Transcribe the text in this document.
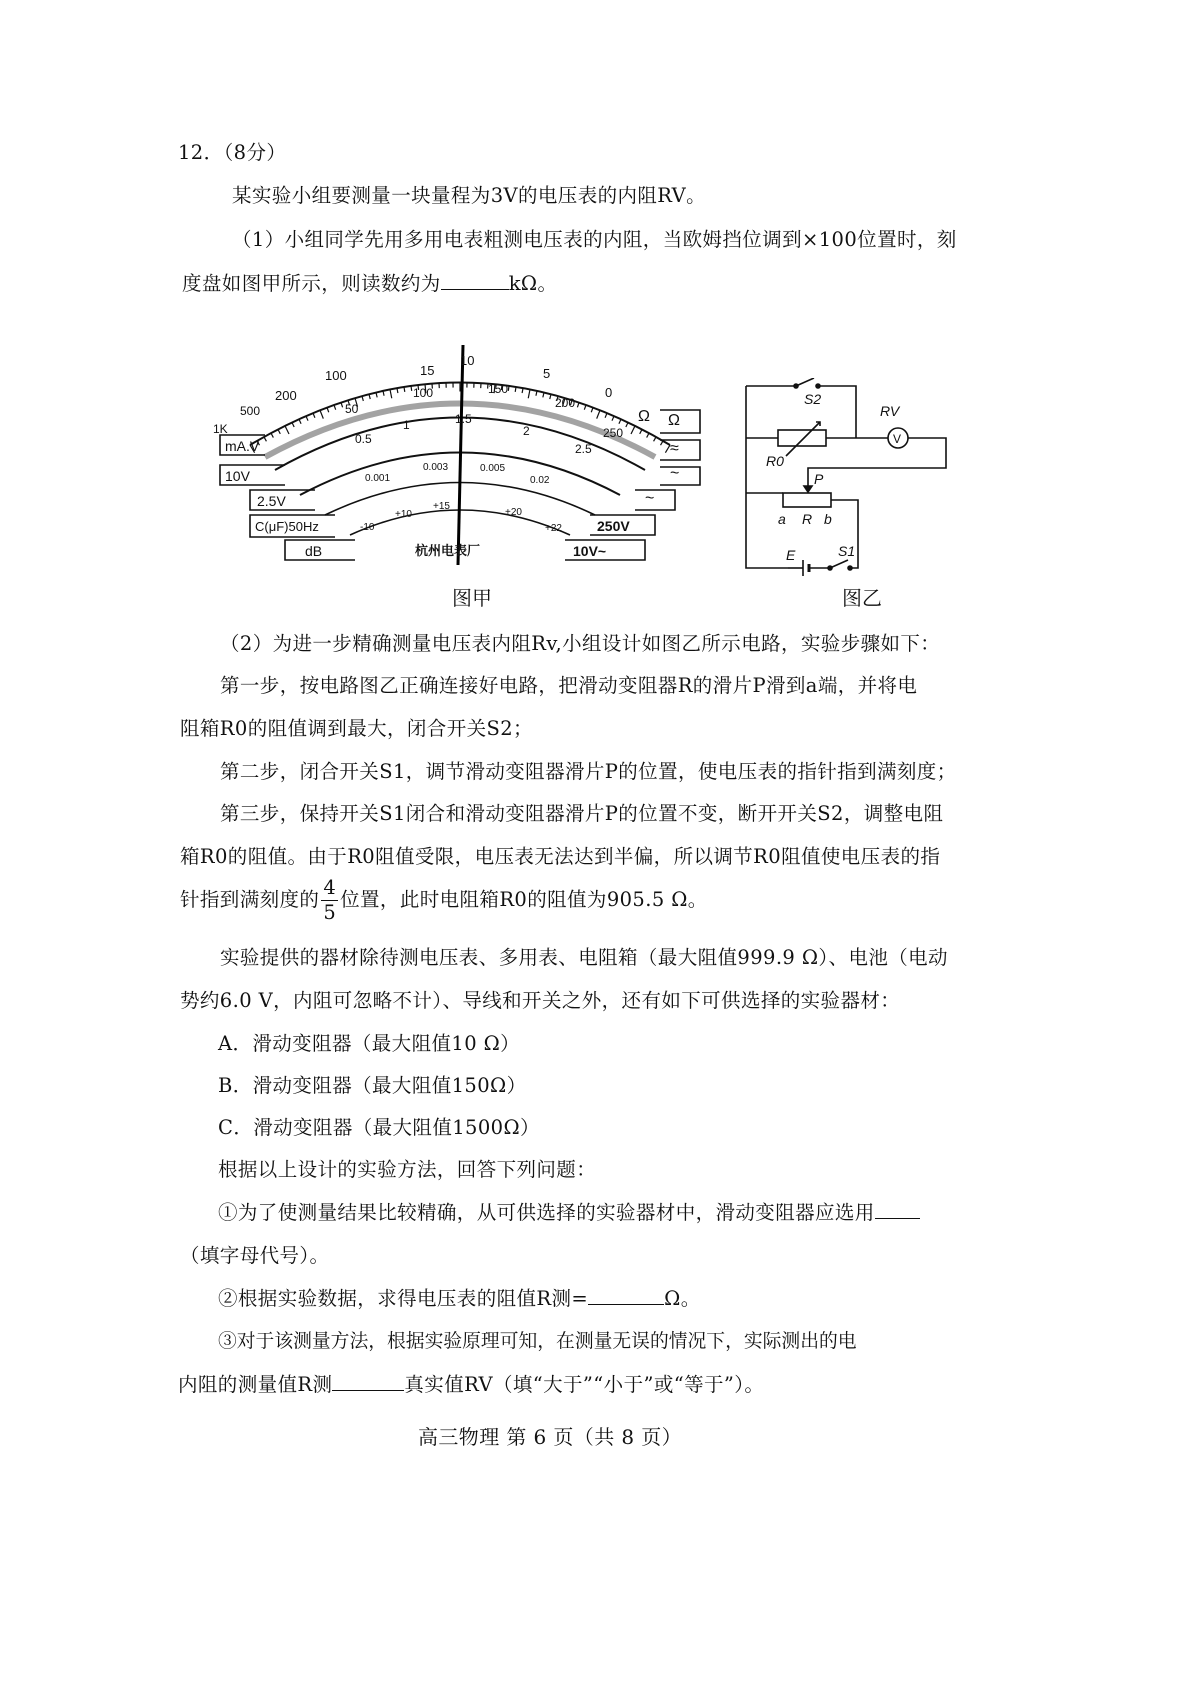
12．（8分）
某实验小组要测量一块量程为3V的电压表的内阻RV。
（1）小组同学先用多用电表粗测电压表的内阻，当欧姆挡位调到×100位置时，刻
度盘如图甲所示，则读数约为	kΩ。
15
100
200
500
1K
10
5
0
Ω
50
100	150
200
250
0.5
1	1.5
2
2.5
0.001
0.003	0.005
0.02
-10
+10
+15
+20
+22
Ω
≈
~
~
mA.V
10V
2.5V
C(μF)50Hz
dB
250V
10V~
杭州电表厂
图甲
S2
RV
V
R0
P
a R b
E	S1
图乙
（2）为进一步精确测量电压表内阻Rv,小组设计如图乙所示电路，实验步骤如下：
第一步，按电路图乙正确连接好电路，把滑动变阻器R的滑片P滑到a端，并将电
阻箱R0的阻值调到最大，闭合开关S2；
第二步，闭合开关S1，调节滑动变阻器滑片P的位置，使电压表的指针指到满刻度；
第三步，保持开关S1闭合和滑动变阻器滑片P的位置不变，断开开关S2，调整电阻
箱R0的阻值。由于R0阻值受限，电压表无法达到半偏，所以调节R0阻值使电压表的指
针指到满刻度的 $\frac{4}{5}$ 位置，此时电阻箱R0的阻值为905.5 Ω。
实验提供的器材除待测电压表、多用表、电阻箱（最大阻值999.9 Ω）、电池（电动
势约6.0 V，内阻可忽略不计）、导线和开关之外，还有如下可供选择的实验器材：
A．滑动变阻器（最大阻值10 Ω）
B．滑动变阻器（最大阻值150Ω）
C．滑动变阻器（最大阻值1500Ω）
根据以上设计的实验方法，回答下列问题：
①为了使测量结果比较精确，从可供选择的实验器材中，滑动变阻器应选用
（填字母代号）。
②根据实验数据，求得电压表的阻值R测=	Ω。
③对于该测量方法，根据实验原理可知，在测量无误的情况下，实际测出的电
内阻的测量值R测	真实值RV（填“大于”“小于”或“等于”）。
高三物理 第 6 页（共 8 页）
